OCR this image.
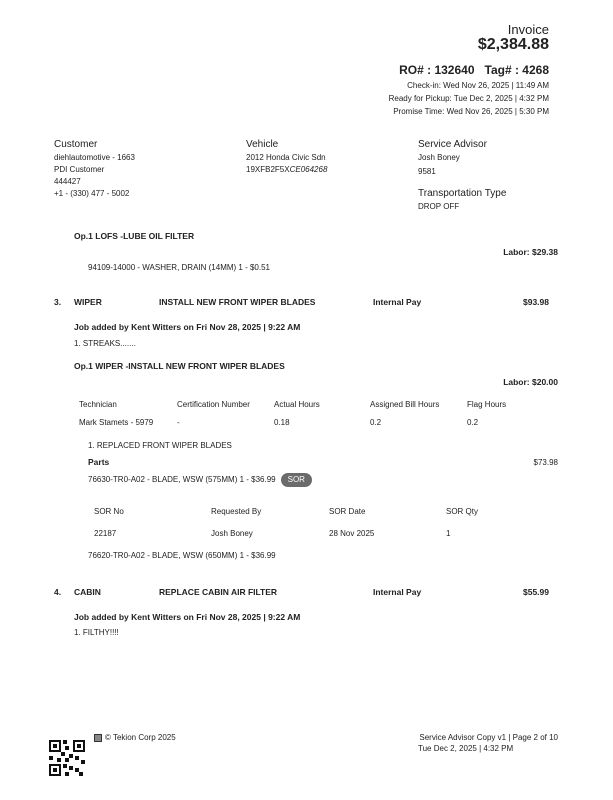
Invoice
$2,384.88
RO# : 132640 Tag# : 4268
Check-in: Wed Nov 26, 2025 | 11:49 AM
Ready for Pickup: Tue Dec 2, 2025 | 4:32 PM
Promise Time: Wed Nov 26, 2025 | 5:30 PM
Customer
diehlautomotive - 1663
PDI Customer
444427
+1 - (330) 477 - 5002
Vehicle
2012 Honda Civic Sdn
19XFB2F5XCE064268
Service Advisor
Josh Boney
9581
Transportation Type
DROP OFF
Op.1 LOFS -LUBE OIL FILTER
Labor: $29.38
94109-14000 - WASHER, DRAIN (14MM) 1 - $0.51
3. WIPER	INSTALL NEW FRONT WIPER BLADES	Internal Pay	$93.98
Job added by Kent Witters on Fri Nov 28, 2025 | 9:22 AM
1. STREAKS.......
Op.1 WIPER -INSTALL NEW FRONT WIPER BLADES
Labor: $20.00
Technician	Certification Number	Actual Hours	Assigned Bill Hours	Flag Hours
Mark Stamets - 5979	-	0.18	0.2	0.2
1. REPLACED FRONT WIPER BLADES
Parts	$73.98
76630-TR0-A02 - BLADE, WSW (575MM) 1 - $36.99 SOR
SOR No	Requested By	SOR Date	SOR Qty
22187	Josh Boney	28 Nov 2025	1
76620-TR0-A02 - BLADE, WSW (650MM) 1 - $36.99
4. CABIN	REPLACE CABIN AIR FILTER	Internal Pay	$55.99
Job added by Kent Witters on Fri Nov 28, 2025 | 9:22 AM
1. FILTHY!!!!
© Tekion Corp 2025	Service Advisor Copy v1 | Page 2 of 10
Tue Dec 2, 2025 | 4:32 PM
